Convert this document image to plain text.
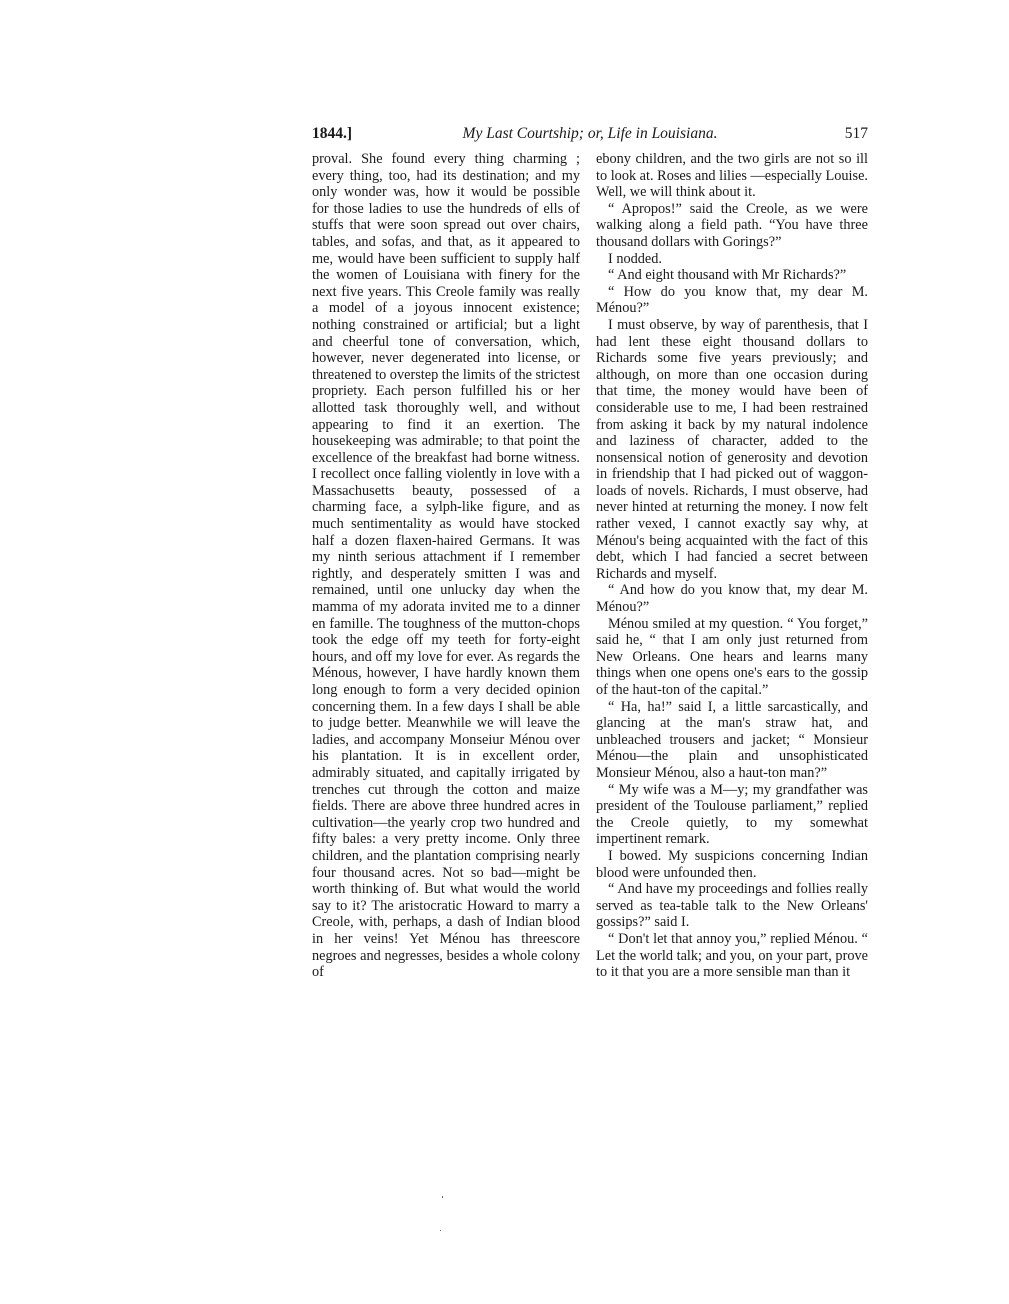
1844.]	My Last Courtship; or, Life in Louisiana.	517

proval. She found every thing charming ; every thing, too, had its destination; and my only wonder was, how it would be possible for those ladies to use the hundreds of ells of stuffs that were soon spread out over chairs, tables, and sofas, and that, as it appeared to me, would have been sufficient to supply half the women of Louisiana with finery for the next five years. This Creole family was really a model of a joyous innocent existence; nothing constrained or artificial; but a light and cheerful tone of conversation, which, however, never degenerated into license, or threatened to overstep the limits of the strictest propriety. Each person fulfilled his or her allotted task thoroughly well, and without appearing to find it an exertion. The housekeeping was admirable; to that point the excellence of the breakfast had borne witness. I recollect once falling violently in love with a Massachusetts beauty, possessed of a charming face, a sylph-like figure, and as much sentimentality as would have stocked half a dozen flaxen-haired Germans. It was my ninth serious attachment if I remember rightly, and desperately smitten I was and remained, until one unlucky day when the mamma of my adorata invited me to a dinner en famille. The toughness of the mutton-chops took the edge off my teeth for forty-eight hours, and off my love for ever. As regards the Ménous, however, I have hardly known them long enough to form a very decided opinion concerning them. In a few days I shall be able to judge better. Meanwhile we will leave the ladies, and accompany Monseiur Ménou over his plantation. It is in excellent order, admirably situated, and capitally irrigated by trenches cut through the cotton and maize fields. There are above three hundred acres in cultivation—the yearly crop two hundred and fifty bales: a very pretty income. Only three children, and the plantation comprising nearly four thousand acres. Not so bad—might be worth thinking of. But what would the world say to it? The aristocratic Howard to marry a Creole, with, perhaps, a dash of Indian blood in her veins! Yet Ménou has threescore negroes and negresses, besides a whole colony of

ebony children, and the two girls are not so ill to look at. Roses and lilies —especially Louise. Well, we will think about it.

“ Apropos!” said the Creole, as we were walking along a field path. “You have three thousand dollars with Gorings?”

I nodded.

“ And eight thousand with Mr Richards?”

“ How do you know that, my dear M. Ménou?”

I must observe, by way of parenthesis, that I had lent these eight thousand dollars to Richards some five years previously; and although, on more than one occasion during that time, the money would have been of considerable use to me, I had been restrained from asking it back by my natural indolence and laziness of character, added to the nonsensical notion of generosity and devotion in friendship that I had picked out of waggon-loads of novels. Richards, I must observe, had never hinted at returning the money. I now felt rather vexed, I cannot exactly say why, at Ménou's being acquainted with the fact of this debt, which I had fancied a secret between Richards and myself.

“ And how do you know that, my dear M. Ménou?”

Ménou smiled at my question. “ You forget,” said he, “ that I am only just returned from New Orleans. One hears and learns many things when one opens one's ears to the gossip of the haut-ton of the capital.”

“ Ha, ha!” said I, a little sarcastically, and glancing at the man's straw hat, and unbleached trousers and jacket; “ Monsieur Ménou—the plain and unsophisticated Monsieur Ménou, also a haut-ton man?”

“ My wife was a M—y; my grandfather was president of the Toulouse parliament,” replied the Creole quietly, to my somewhat impertinent remark.

I bowed. My suspicions concerning Indian blood were unfounded then.

“ And have my proceedings and follies really served as tea-table talk to the New Orleans' gossips?” said I.

“ Don't let that annoy you,” replied Ménou. “ Let the world talk; and you, on your part, prove to it that you are a more sensible man than it
